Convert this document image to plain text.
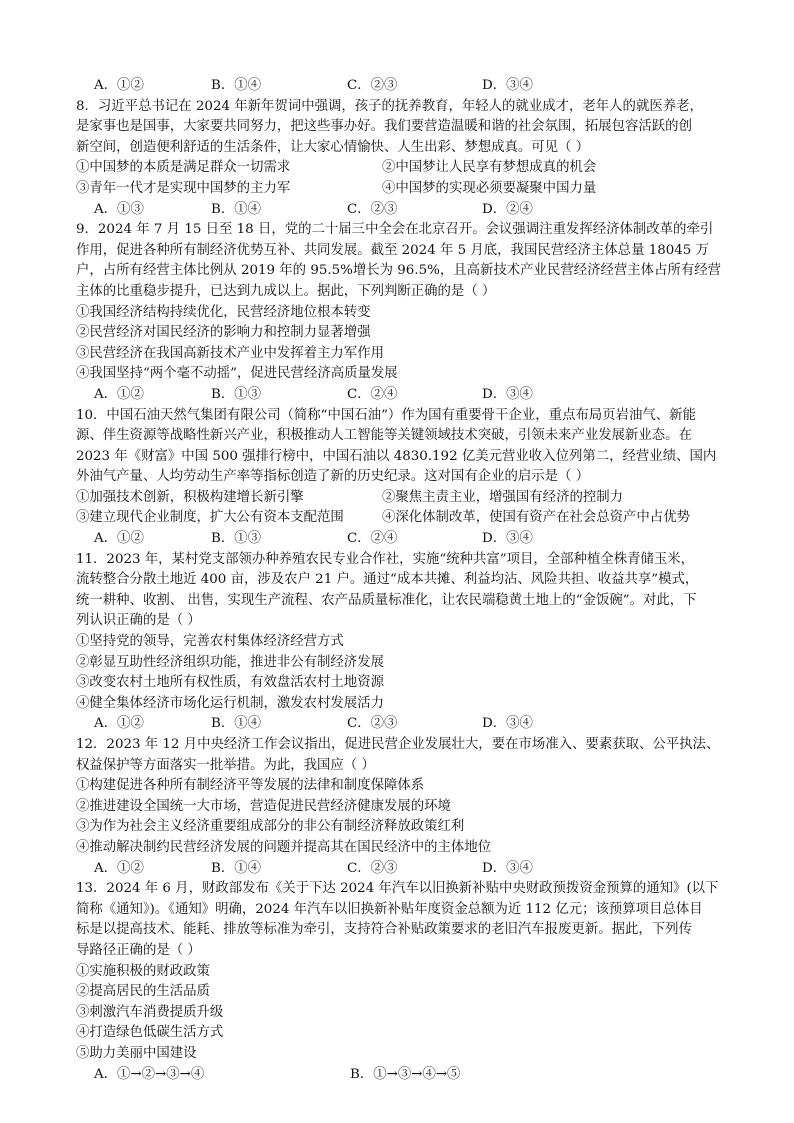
A．①②	B．①④	C．②③	D．③④
8．习近平总书记在 2024 年新年贺词中强调，孩子的抚养教育，年轻人的就业成才，老年人的就医养老，
是家事也是国事，大家要共同努力，把这些事办好。我们要营造温暖和谐的社会氛围，拓展包容活跃的创
新空间，创造便利舒适的生活条件，让大家心情愉快、人生出彩、梦想成真。可见（ ）
①中国梦的本质是满足群众一切需求	②中国梦让人民享有梦想成真的机会
③青年一代才是实现中国梦的主力军	④中国梦的实现必须要凝聚中国力量
A．①③	B．①④	C．②③	D．②④
9．2024 年 7 月 15 日至 18 日，党的二十届三中全会在北京召开。会议强调注重发挥经济体制改革的牵引
作用，促进各种所有制经济优势互补、共同发展。截至 2024 年 5 月底，我国民营经济主体总量 18045 万
户，占所有经营主体比例从 2019 年的 95.5%增长为 96.5%，且高新技术产业民营经济经营主体占所有经营
主体的比重稳步提升，已达到九成以上。据此，下列判断正确的是（ ）
①我国经济结构持续优化，民营经济地位根本转变
②民营经济对国民经济的影响力和控制力显著增强
③民营经济在我国高新技术产业中发挥着主力军作用
④我国坚持“两个毫不动摇”，促进民营经济高质量发展
A．①②	B．①③	C．②④	D．③④
10．中国石油天然气集团有限公司（简称“中国石油”）作为国有重要骨干企业，重点布局页岩油气、新能
源、伴生资源等战略性新兴产业，积极推动人工智能等关键领域技术突破，引领未来产业发展新业态。在
2023 年《财富》中国 500 强排行榜中，中国石油以 4830.192 亿美元营业收入位列第二，经营业绩、国内
外油气产量、人均劳动生产率等指标创造了新的历史纪录。这对国有企业的启示是（ ）
①加强技术创新，积极构建增长新引擎	②聚焦主责主业，增强国有经济的控制力
③建立现代企业制度，扩大公有资本支配范围	④深化体制改革，使国有资产在社会总资产中占优势
A．①②	B．①③	C．②④	D．③④
11．2023 年，某村党支部领办种养殖农民专业合作社，实施“统种共富”项目，全部种植全株青储玉米，
流转整合分散土地近 400 亩，涉及农户 21 户。通过“成本共摊、利益均沾、风险共担、收益共享”模式，
统一耕种、收割、 出售，实现生产流程、农产品质量标准化，让农民端稳黄土地上的“金饭碗”。对此，下
列认识正确的是（ ）
①坚持党的领导，完善农村集体经济经营方式
②彰显互助性经济组织功能，推进非公有制经济发展
③改变农村土地所有权性质，有效盘活农村土地资源
④健全集体经济市场化运行机制，激发农村发展活力
A．①②	B．①④	C．②③	D．③④
12．2023 年 12 月中央经济工作会议指出，促进民营企业发展壮大，要在市场准入、要素获取、公平执法、
权益保护等方面落实一批举措。为此，我国应（ ）
①构建促进各种所有制经济平等发展的法律和制度保障体系
②推进建设全国统一大市场，营造促进民营经济健康发展的环境
③为作为社会主义经济重要组成部分的非公有制经济释放政策红利
④推动解决制约民营经济发展的问题并提高其在国民经济中的主体地位
A．①②	B．①④	C．②③	D．③④
13．2024 年 6 月，财政部发布《关于下达 2024 年汽车以旧换新补贴中央财政预拨资金预算的通知》(以下
简称《通知》)。《通知》明确，2024 年汽车以旧换新补贴年度资金总额为近 112 亿元；该预算项目总体目
标是以提高技术、能耗、排放等标准为牵引，支持符合补贴政策要求的老旧汽车报废更新。据此，下列传
导路径正确的是（ ）
①实施积极的财政政策
②提高居民的生活品质
③刺激汽车消费提质升级
④打造绿色低碳生活方式
⑤助力美丽中国建设
A．①→②→③→④	B．①→③→④→⑤
